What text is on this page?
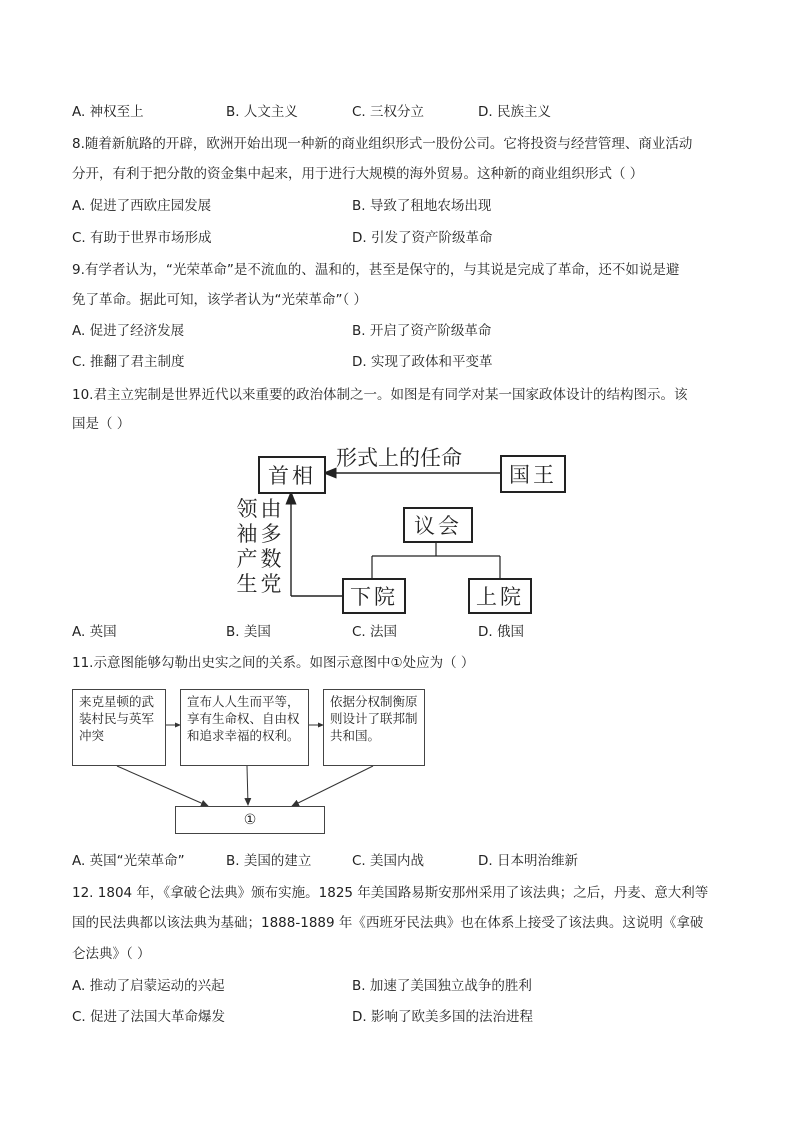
A. 神权至上	B. 人文主义	C. 三权分立	D. 民族主义
8.随着新航路的开辟，欧洲开始出现一种新的商业组织形式一股份公司。它将投资与经营管理、商业活动
分开，有利于把分散的资金集中起来，用于进行大规模的海外贸易。这种新的商业组织形式（ ）
A. 促进了西欧庄园发展	B. 导致了租地农场出现
C. 有助于世界市场形成	D. 引发了资产阶级革命
9.有学者认为，“光荣革命”是不流血的、温和的，甚至是保守的，与其说是完成了革命，还不如说是避
免了革命。据此可知，该学者认为“光荣革命”（ ）
A. 促进了经济发展	B. 开启了资产阶级革命
C. 推翻了君主制度	D. 实现了政体和平变革
10.君主立宪制是世界近代以来重要的政治体制之一。如图是有同学对某一国家政体设计的结构图示。该
国是（ ）
首相	国王
形式上的任命
议会
下院	上院
领袖产生
由多数党
A. 英国	B. 美国	C. 法国	D. 俄国
11.示意图能够勾勒出史实之间的关系。如图示意图中①处应为（ ）
来克星顿的武装村民与英军冲突
宣布人人生而平等，享有生命权、自由权和追求幸福的权利。
依据分权制衡原则设计了联邦制共和国。
①
A. 英国“光荣革命”	B. 美国的建立	C. 美国内战	D. 日本明治维新
12. 1804 年，《拿破仑法典》颁布实施。1825 年美国路易斯安那州采用了该法典；之后，丹麦、意大利等
国的民法典都以该法典为基础；1888-1889 年《西班牙民法典》也在体系上接受了该法典。这说明《拿破
仑法典》（ ）
A. 推动了启蒙运动的兴起	B. 加速了美国独立战争的胜利
C. 促进了法国大革命爆发	D. 影响了欧美多国的法治进程
